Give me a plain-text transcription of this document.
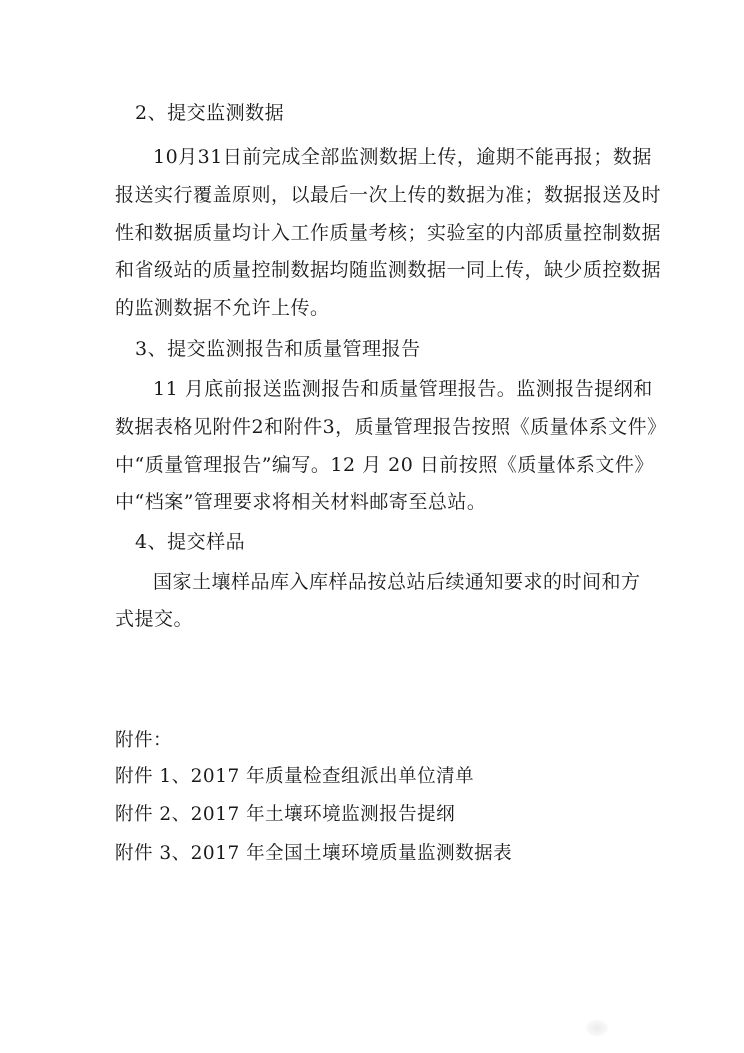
2、提交监测数据
10月31日前完成全部监测数据上传，逾期不能再报；数据
报送实行覆盖原则，以最后一次上传的数据为准；数据报送及时
性和数据质量均计入工作质量考核；实验室的内部质量控制数据
和省级站的质量控制数据均随监测数据一同上传，缺少质控数据
的监测数据不允许上传。
3、提交监测报告和质量管理报告
11 月底前报送监测报告和质量管理报告。监测报告提纲和
数据表格见附件2和附件3，质量管理报告按照《质量体系文件》
中“质量管理报告”编写。12 月 20 日前按照《质量体系文件》
中“档案”管理要求将相关材料邮寄至总站。
4、提交样品
国家土壤样品库入库样品按总站后续通知要求的时间和方
式提交。
附件：
附件 1、2017 年质量检查组派出单位清单
附件 2、2017 年土壤环境监测报告提纲
附件 3、2017 年全国土壤环境质量监测数据表
